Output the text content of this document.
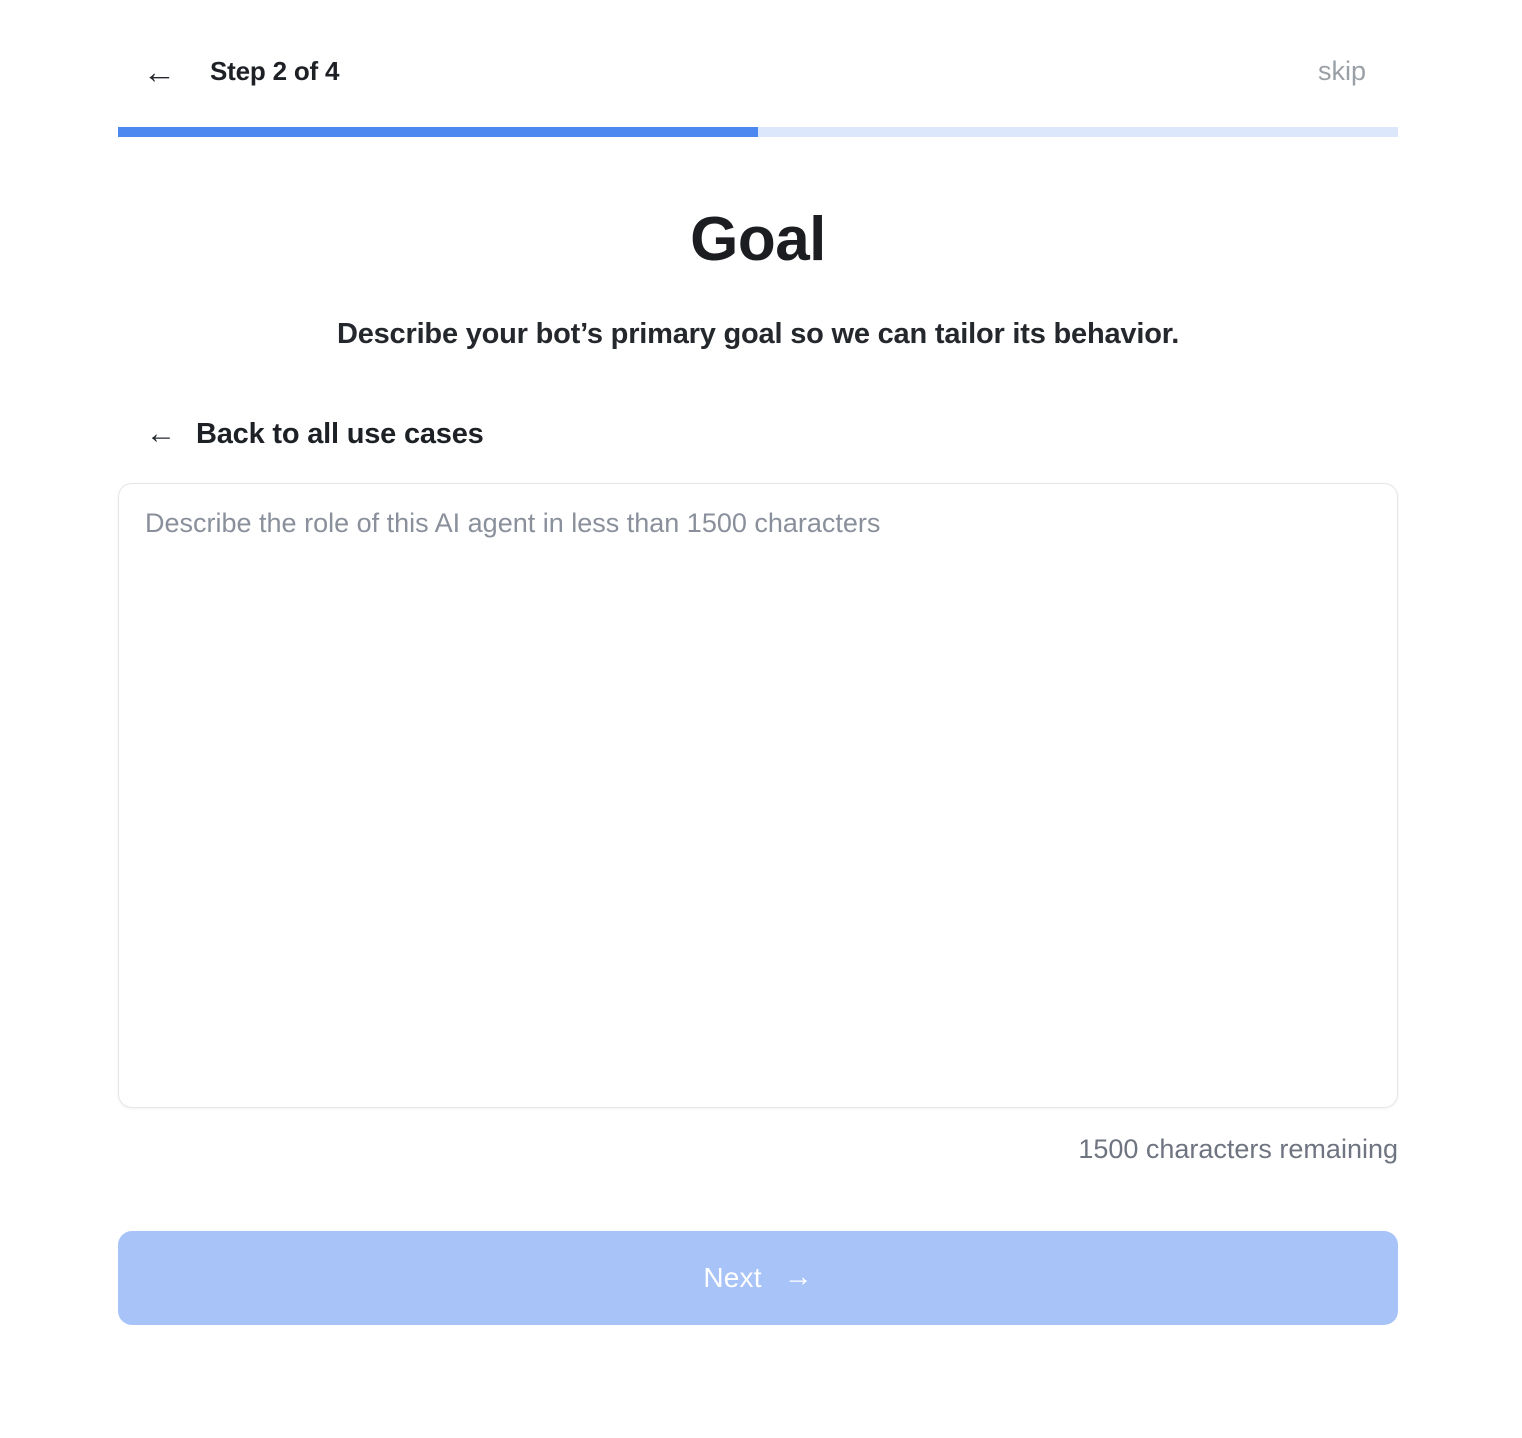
← Step 2 of 4	skip
Goal

Describe your bot’s primary goal so we can tailor its behavior.

← Back to all use cases
Describe the role of this AI agent in less than 1500 characters
1500 characters remaining
Next →
